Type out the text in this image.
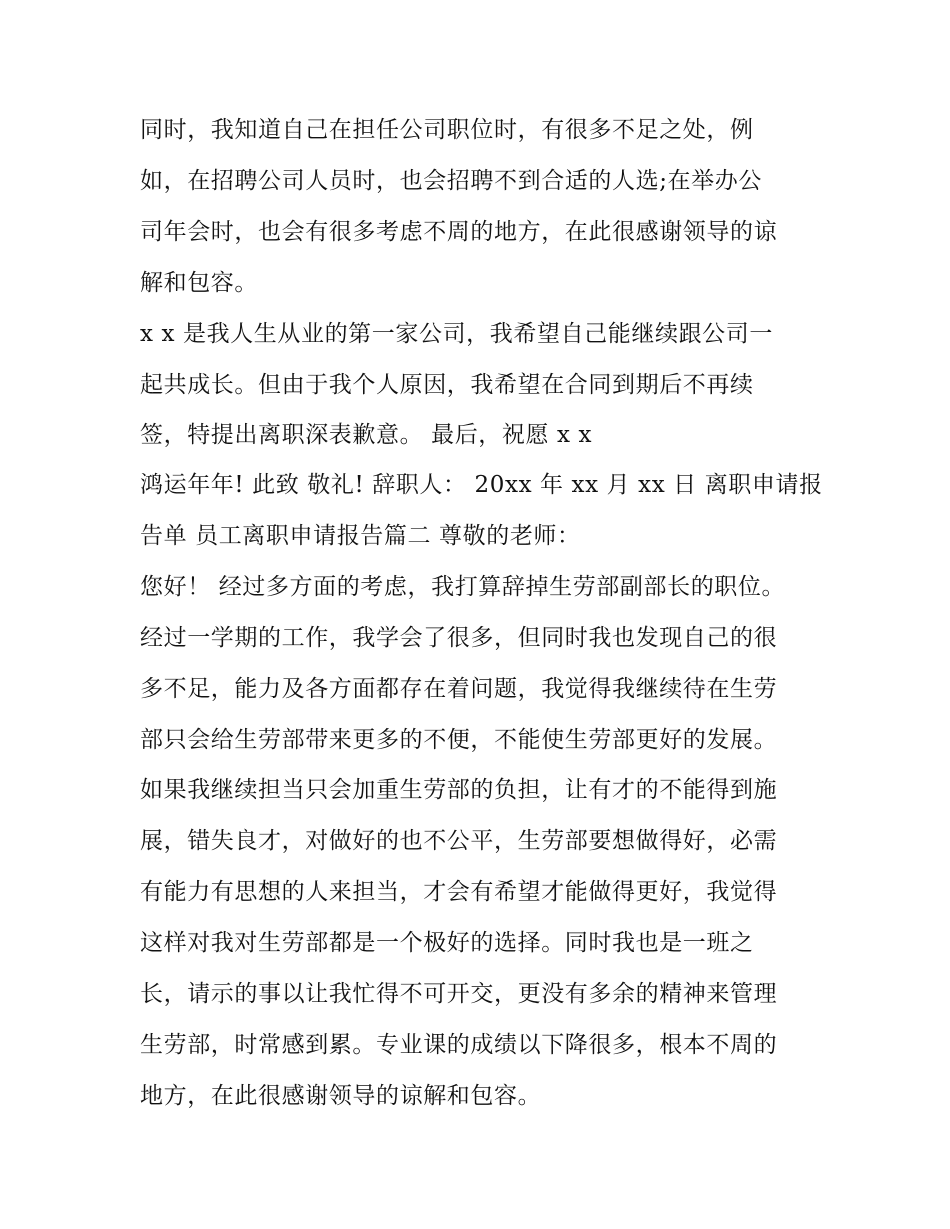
同时，我知道自己在担任公司职位时，有很多不足之处，例
如，在招聘公司人员时，也会招聘不到合适的人选;在举办公
司年会时，也会有很多考虑不周的地方，在此很感谢领导的谅
解和包容。
x x 是我人生从业的第一家公司，我希望自己能继续跟公司一
起共成长。但由于我个人原因，我希望在合同到期后不再续
签，特提出离职深表歉意。 最后，祝愿 x x
鸿运年年! 此致 敬礼! 辞职人： 20xx 年 xx 月 xx 日 离职申请报
告单 员工离职申请报告篇二 尊敬的老师：
您好！ 经过多方面的考虑，我打算辞掉生劳部副部长的职位。
经过一学期的工作，我学会了很多，但同时我也发现自己的很
多不足，能力及各方面都存在着问题，我觉得我继续待在生劳
部只会给生劳部带来更多的不便，不能使生劳部更好的发展。
如果我继续担当只会加重生劳部的负担，让有才的不能得到施
展，错失良才，对做好的也不公平，生劳部要想做得好，必需
有能力有思想的人来担当，才会有希望才能做得更好，我觉得
这样对我对生劳部都是一个极好的选择。同时我也是一班之
长，请示的事以让我忙得不可开交，更没有多余的精神来管理
生劳部，时常感到累。专业课的成绩以下降很多，根本不周的
地方，在此很感谢领导的谅解和包容。
